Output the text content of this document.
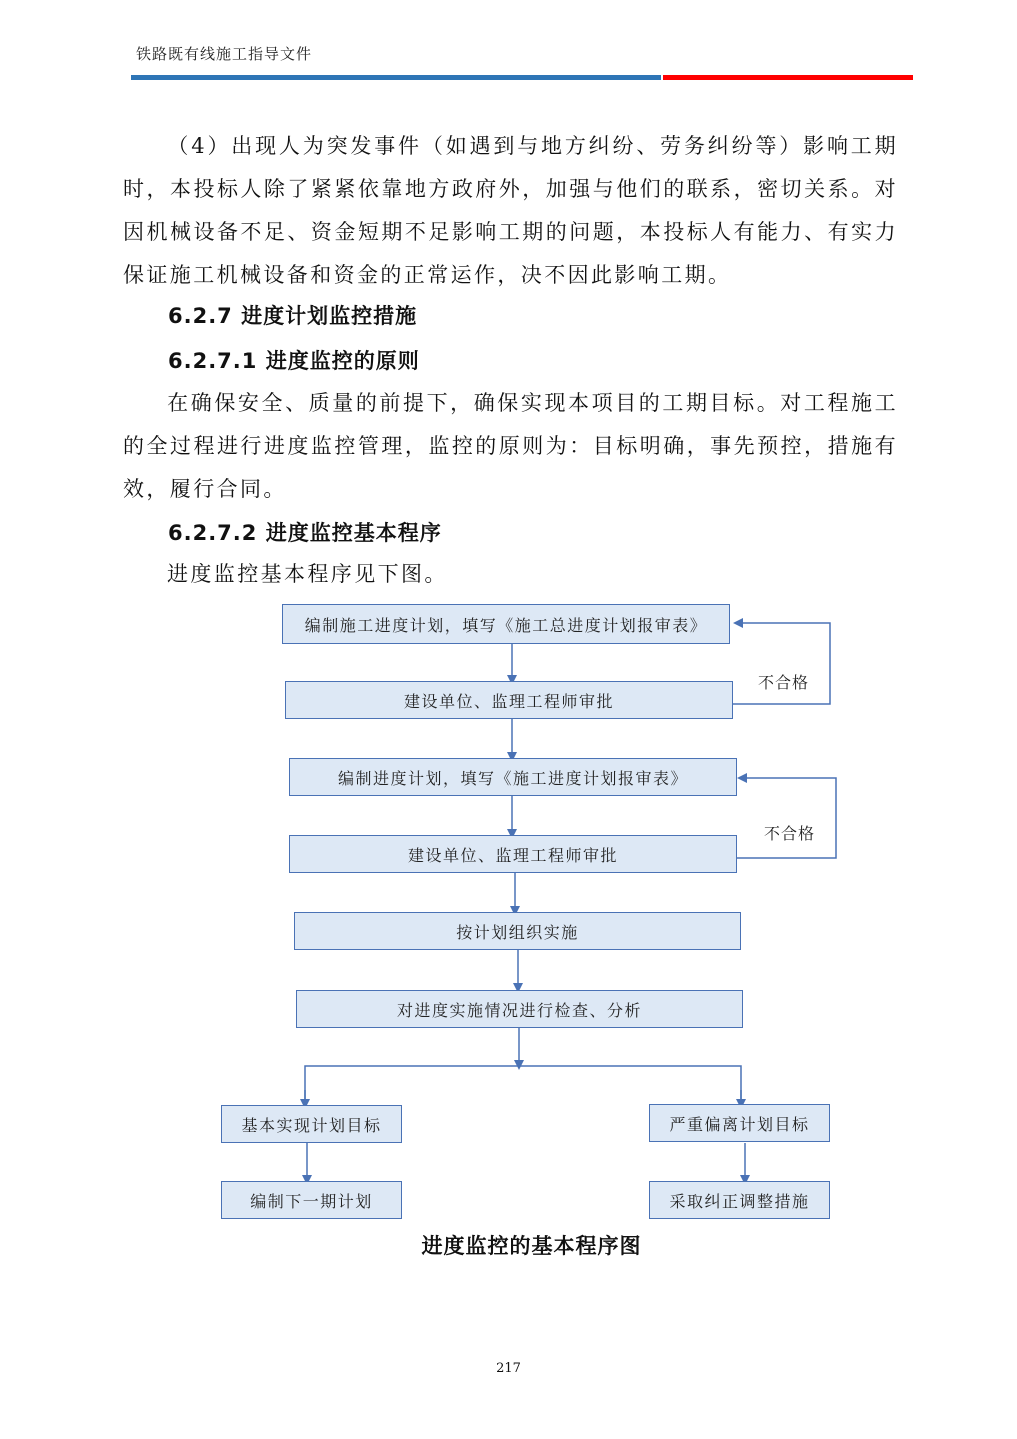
铁路既有线施工指导文件

（4）出现人为突发事件（如遇到与地方纠纷、劳务纠纷等）影响工期时，本投标人除了紧紧依靠地方政府外，加强与他们的联系，密切关系。对因机械设备不足、资金短期不足影响工期的问题，本投标人有能力、有实力保证施工机械设备和资金的正常运作，决不因此影响工期。

6.2.7 进度计划监控措施
6.2.7.1 进度监控的原则

在确保安全、质量的前提下，确保实现本项目的工期目标。对工程施工的全过程进行进度监控管理，监控的原则为：目标明确，事先预控，措施有效，履行合同。

6.2.7.2 进度监控基本程序

进度监控基本程序见下图。

编制施工进度计划，填写《施工总进度计划报审表》
建设单位、监理工程师审批
编制进度计划，填写《施工进度计划报审表》
建设单位、监理工程师审批
按计划组织实施
对进度实施情况进行检查、分析
基本实现计划目标	严重偏离计划目标
编制下一期计划	采取纠正调整措施
不合格
不合格
进度监控的基本程序图
217
